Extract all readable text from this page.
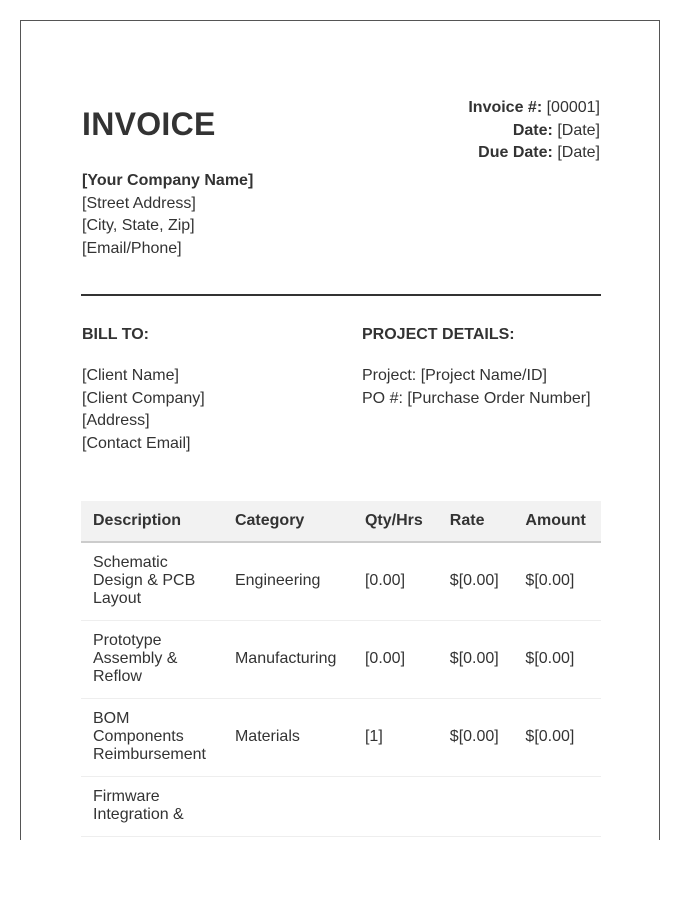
INVOICE	Invoice #: [00001]
Date: [Date]
Due Date: [Date]
[Your Company Name]
[Street Address]
[City, State, Zip]
[Email/Phone]
BILL TO:	PROJECT DETAILS:
[Client Name]
[Client Company]
[Address]
[Contact Email]
Project: [Project Name/ID]
PO #: [Purchase Order Number]
Description	Category	Qty/Hrs	Rate	Amount
Schematic Design & PCB Layout	Engineering	[0.00]	$[0.00]	$[0.00]
Prototype Assembly & Reflow	Manufacturing	[0.00]	$[0.00]	$[0.00]
BOM Components Reimbursement	Materials	[1]	$[0.00]	$[0.00]
Firmware Integration &				
